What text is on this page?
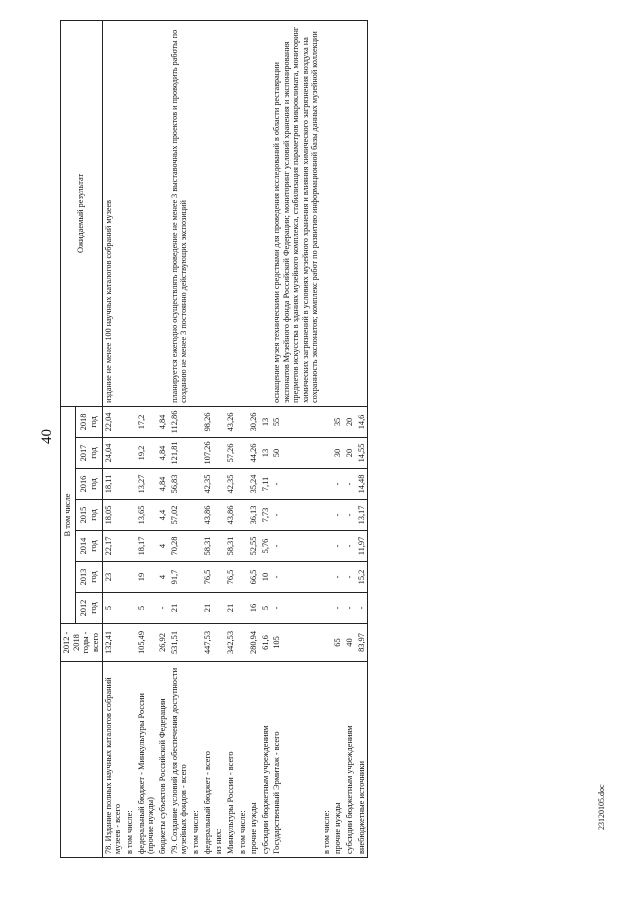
40
23120105.doc
	2012 - 2018 годы - всего	В том числе							Ожидаемый результат
		2012 год	2013 год	2014 год	2015 год	2016 год	2017 год	2018 год	
78. Издание полных научных каталогов собраний музеев - всего	132,41	5	23	22,17	18,05	18,11	24,04	22,04	издание не менее 100 научных каталогов собраний музеев
в том числе:									
федеральный бюджет - Минкультуры России (прочие нужды)	105,49	5	19	18,17	13,65	13,27	19,2	17,2	
бюджеты субъектов Российской Федерации	26,92	-	4	4	4,4	4,84	4,84	4,84	
79. Создание условий для обеспечения доступности музейных фондов - всего	531,51	21	91,7	70,28	57,02	56,83	121,81	112,86	планируется ежегодно осуществлять проведение не менее 3 выставочных проектов и проводить работы по созданию не менее 3 постоянно действующих экспозиций
в том числе:									
федеральный бюджет - всего	447,53	21	76,5	58,31	43,86	42,35	107,26	98,26	
из них:									
Минкультуры России - всего	342,53	21	76,5	58,31	43,86	42,35	57,26	43,26	
в том числе:									
прочие нужды	280,94	16	66,5	52,55	36,13	35,24	44,26	30,26	
субсидии бюджетным учреждениям	61,6	5	10	5,76	7,73	7,11	13	13	
Государственный Эрмитаж - всего	105	-	-	-	-	-	50	55	оснащение музея техническими средствами для проведения исследований в области реставрации экспонатов Музейного фонда Российской Федерации; мониторинг условий хранения и экспонирования предметов искусства в зданиях музейного комплекса, стабилизация параметров микроклимата, мониторинг химических загрязнений в условиях музейного хранения и влияния химического загрязнения воздуха на сохранность экспонатов; комплекс работ по развитию информационной базы данных музейной коллекции
в том числе:									
прочие нужды	65	-	-	-	-	-	30	35	
субсидии бюджетным учреждениям	40	-	-	-	-	-	20	20	
внебюджетные источники	83,97	-	15,2	11,97	13,17	14,48	14,55	14,6	
